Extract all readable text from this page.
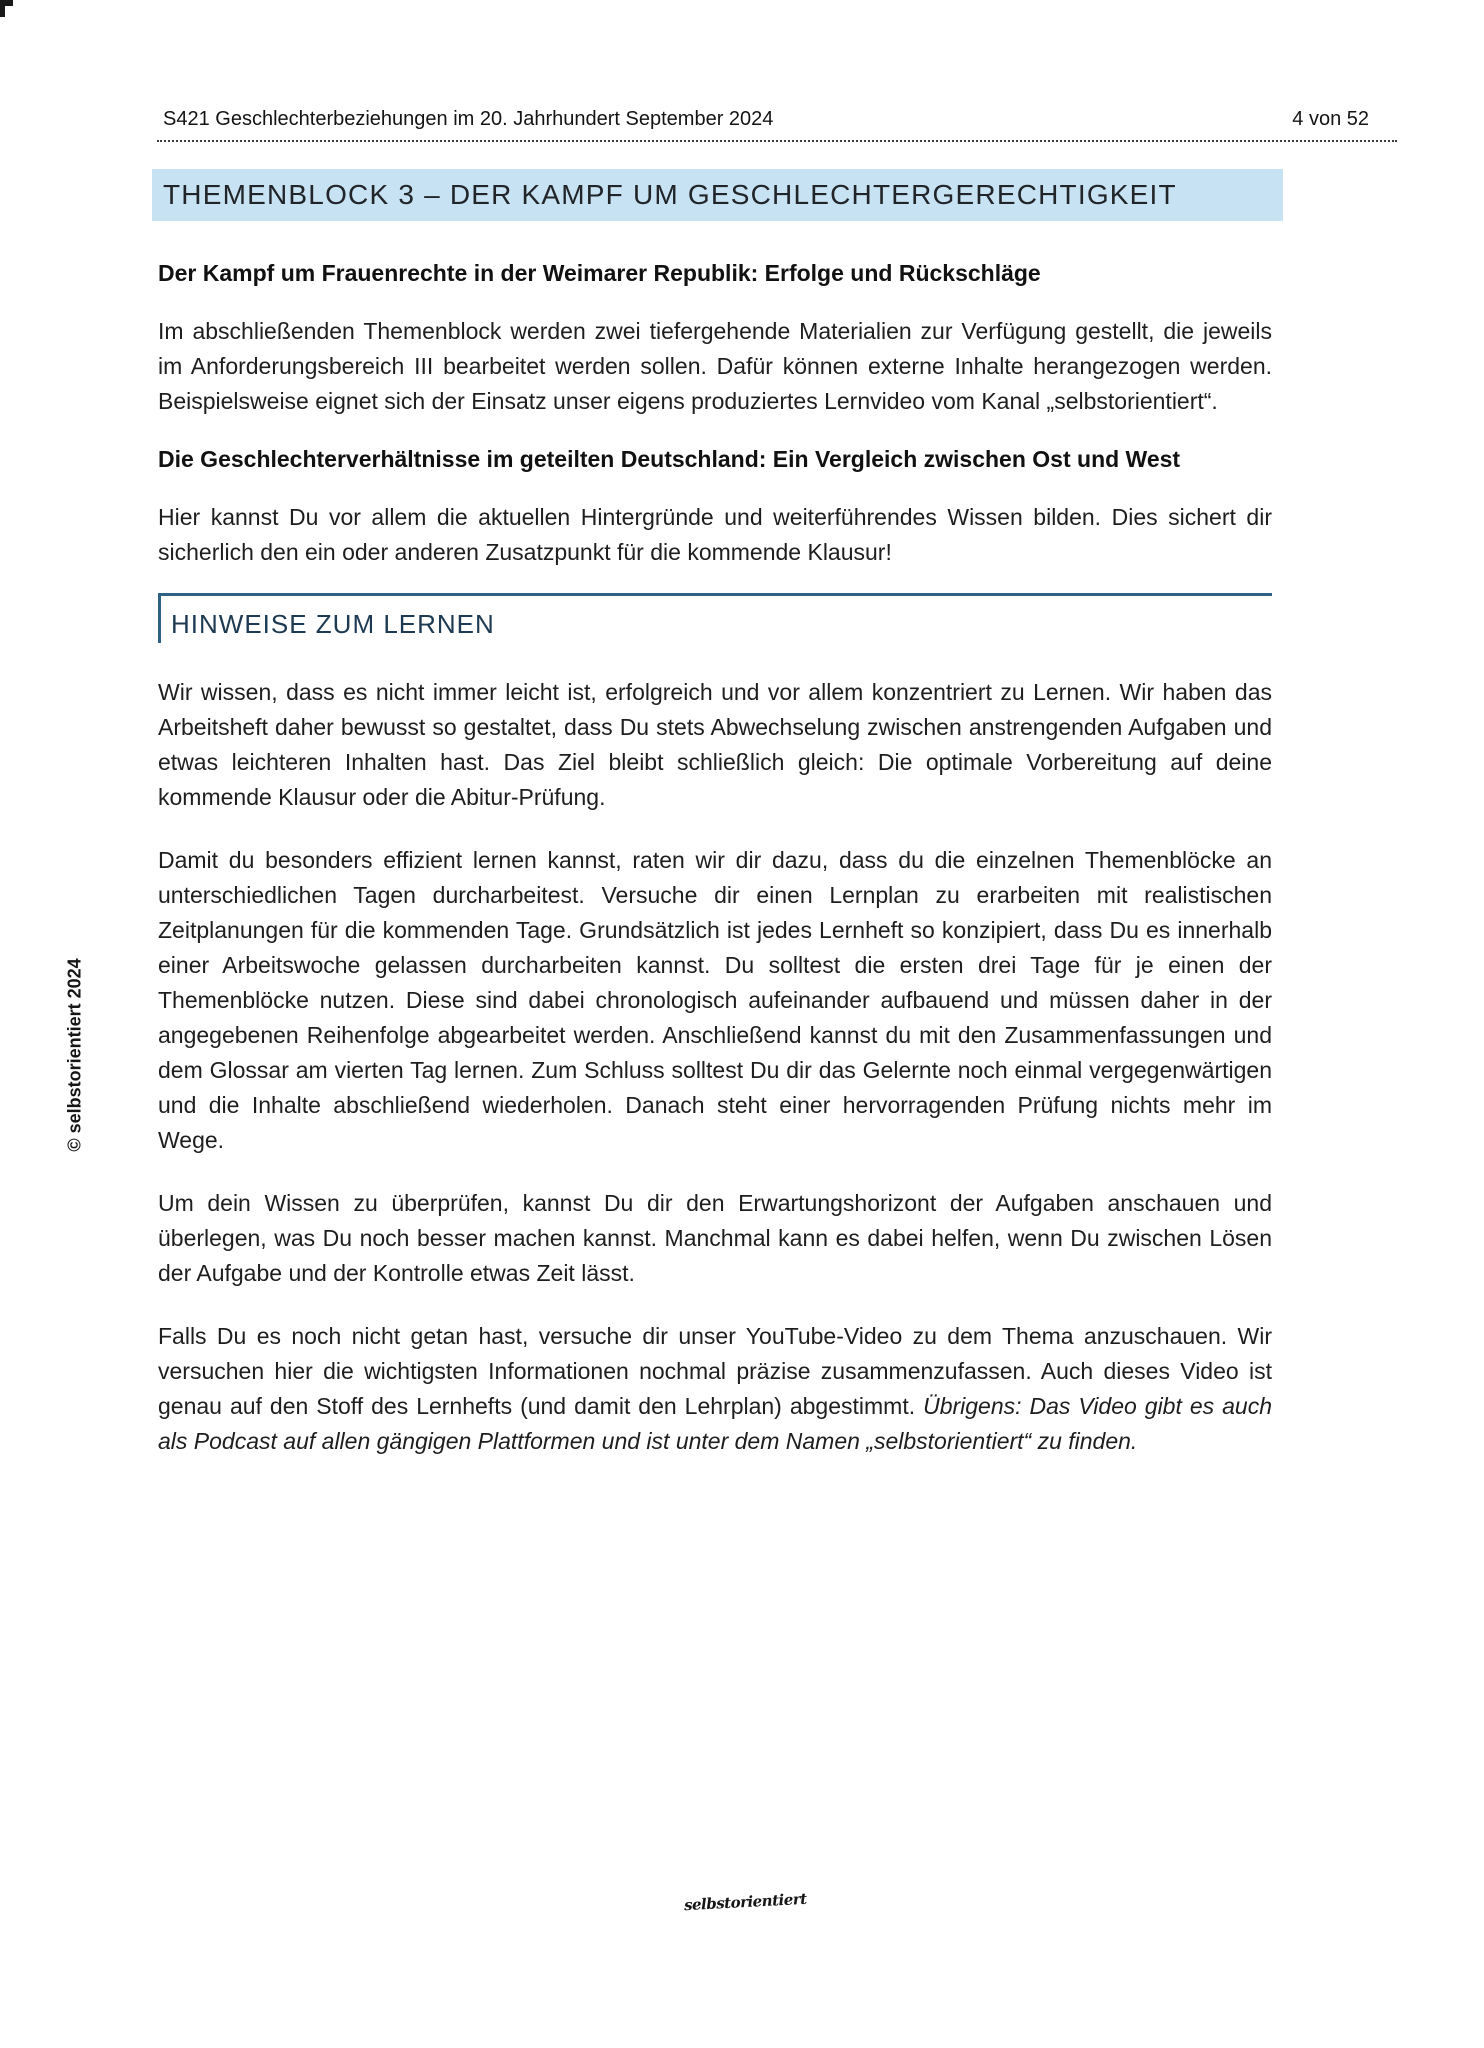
S421 Geschlechterbeziehungen im 20. Jahrhundert September 2024	4 von 52
THEMENBLOCK 3 – DER KAMPF UM GESCHLECHTERGERECHTIGKEIT
Der Kampf um Frauenrechte in der Weimarer Republik: Erfolge und Rückschläge

Im abschließenden Themenblock werden zwei tiefergehende Materialien zur Verfügung gestellt, die jeweils im Anforderungsbereich III bearbeitet werden sollen. Dafür können externe Inhalte herangezogen werden. Beispielsweise eignet sich der Einsatz unser eigens produziertes Lernvideo vom Kanal „selbstorientiert“.

Die Geschlechterverhältnisse im geteilten Deutschland: Ein Vergleich zwischen Ost und West

Hier kannst Du vor allem die aktuellen Hintergründe und weiterführendes Wissen bilden. Dies sichert dir sicherlich den ein oder anderen Zusatzpunkt für die kommende Klausur!

HINWEISE ZUM LERNEN

Wir wissen, dass es nicht immer leicht ist, erfolgreich und vor allem konzentriert zu Lernen. Wir haben das Arbeitsheft daher bewusst so gestaltet, dass Du stets Abwechselung zwischen anstrengenden Aufgaben und etwas leichteren Inhalten hast. Das Ziel bleibt schließlich gleich: Die optimale Vorbereitung auf deine kommende Klausur oder die Abitur-Prüfung.

Damit du besonders effizient lernen kannst, raten wir dir dazu, dass du die einzelnen Themenblöcke an unterschiedlichen Tagen durcharbeitest. Versuche dir einen Lernplan zu erarbeiten mit realistischen Zeitplanungen für die kommenden Tage. Grundsätzlich ist jedes Lernheft so konzipiert, dass Du es innerhalb einer Arbeitswoche gelassen durcharbeiten kannst. Du solltest die ersten drei Tage für je einen der Themenblöcke nutzen. Diese sind dabei chronologisch aufeinander aufbauend und müssen daher in der angegebenen Reihenfolge abgearbeitet werden. Anschließend kannst du mit den Zusammenfassungen und dem Glossar am vierten Tag lernen. Zum Schluss solltest Du dir das Gelernte noch einmal vergegenwärtigen und die Inhalte abschließend wiederholen. Danach steht einer hervorragenden Prüfung nichts mehr im Wege.

Um dein Wissen zu überprüfen, kannst Du dir den Erwartungshorizont der Aufgaben anschauen und überlegen, was Du noch besser machen kannst. Manchmal kann es dabei helfen, wenn Du zwischen Lösen der Aufgabe und der Kontrolle etwas Zeit lässt.

Falls Du es noch nicht getan hast, versuche dir unser YouTube-Video zu dem Thema anzuschauen. Wir versuchen hier die wichtigsten Informationen nochmal präzise zusammenzufassen. Auch dieses Video ist genau auf den Stoff des Lernhefts (und damit den Lehrplan) abgestimmt. Übrigens: Das Video gibt es auch als Podcast auf allen gängigen Plattformen und ist unter dem Namen „selbstorientiert“ zu finden.

© selbstorientiert 2024
selbstorientiert
